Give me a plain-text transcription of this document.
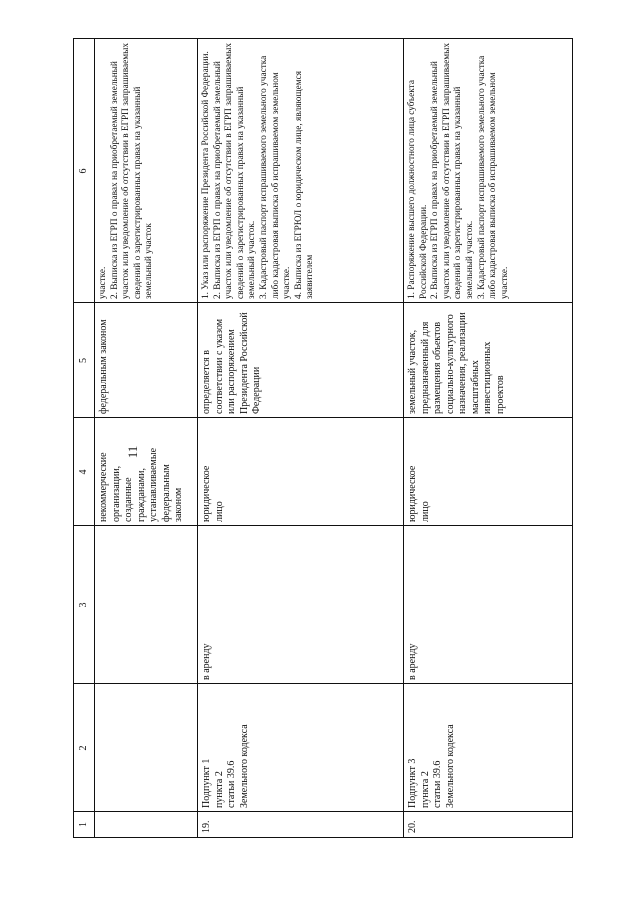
11
1
2
3
4
5
6
некоммерческие
организации,
созданные
гражданами,
устанавливаемые
федеральным
законом
федеральным законом
участке.
2. Выписка из ЕГРП о правах на приобретаемый земельный участок или уведомление об отсутствии в ЕГРП запрашиваемых сведений о зарегистрированных правах на указанный земельный участок
19.
Подпункт 1
пункта 2
статьи 39.6
Земельного кодекса
в аренду
юридическое
лицо
определяется в соответствии с указом или распоряжением Президента Российской Федерации
1. Указ или распоряжение Президента Российской Федерации.
2. Выписка из ЕГРП о правах на приобретаемый земельный участок или уведомление об отсутствии в ЕГРП запрашиваемых сведений о зарегистрированных правах на указанный земельный участок.
3. Кадастровый паспорт испрашиваемого земельного участка либо кадастровая выписка об испрашиваемом земельном участке.
4. Выписка из ЕГРЮЛ о юридическом лице, являющемся заявителем
20.
Подпункт 3
пункта 2
статьи 39.6
Земельного кодекса
в аренду
юридическое
лицо
земельный участок, предназначенный для размещения объектов социально-культурного назначения, реализации масштабных инвестиционных проектов
1. Распоряжение высшего должностного лица субъекта Российской Федерации.
2. Выписка из ЕГРП о правах на приобретаемый земельный участок или уведомление об отсутствии в ЕГРП запрашиваемых сведений о зарегистрированных правах на указанный земельный участок.
3. Кадастровый паспорт испрашиваемого земельного участка либо кадастровая выписка об испрашиваемом земельном участке.
